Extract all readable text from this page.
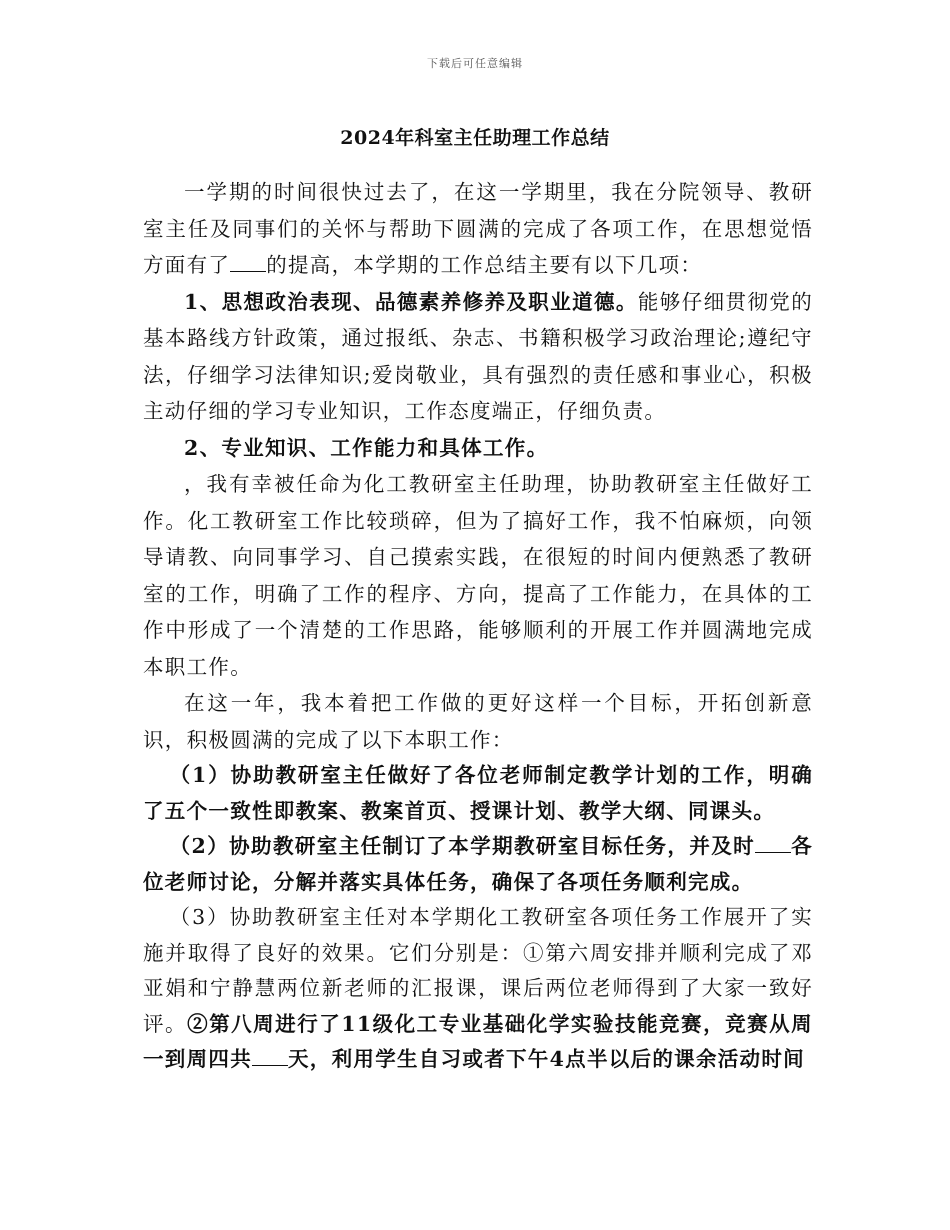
下载后可任意编辑
2024年科室主任助理工作总结

一学期的时间很快过去了，在这一学期里，我在分院领导、教研室主任及同事们的关怀与帮助下圆满的完成了各项工作，在思想觉悟方面有了 的提高，本学期的工作总结主要有以下几项：

1、思想政治表现、品德素养修养及职业道德。能够仔细贯彻党的基本路线方针政策，通过报纸、杂志、书籍积极学习政治理论;遵纪守法，仔细学习法律知识;爱岗敬业，具有强烈的责任感和事业心，积极主动仔细的学习专业知识，工作态度端正，仔细负责。

2、专业知识、工作能力和具体工作。

，我有幸被任命为化工教研室主任助理，协助教研室主任做好工作。化工教研室工作比较琐碎，但为了搞好工作，我不怕麻烦，向领导请教、向同事学习、自己摸索实践，在很短的时间内便熟悉了教研室的工作，明确了工作的程序、方向，提高了工作能力，在具体的工作中形成了一个清楚的工作思路，能够顺利的开展工作并圆满地完成本职工作。

在这一年，我本着把工作做的更好这样一个目标，开拓创新意识，积极圆满的完成了以下本职工作：

（1）协助教研室主任做好了各位老师制定教学计划的工作，明确了五个一致性即教案、教案首页、授课计划、教学大纲、同课头。

（2）协助教研室主任制订了本学期教研室目标任务，并及时 各位老师讨论，分解并落实具体任务，确保了各项任务顺利完成。

（3）协助教研室主任对本学期化工教研室各项任务工作展开了实施并取得了良好的效果。它们分别是：①第六周安排并顺利完成了邓亚娟和宁静慧两位新老师的汇报课，课后两位老师得到了大家一致好评。②第八周进行了11级化工专业基础化学实验技能竞赛，竞赛从周一到周四共 天，利用学生自习或者下午4点半以后的课余活动时间
